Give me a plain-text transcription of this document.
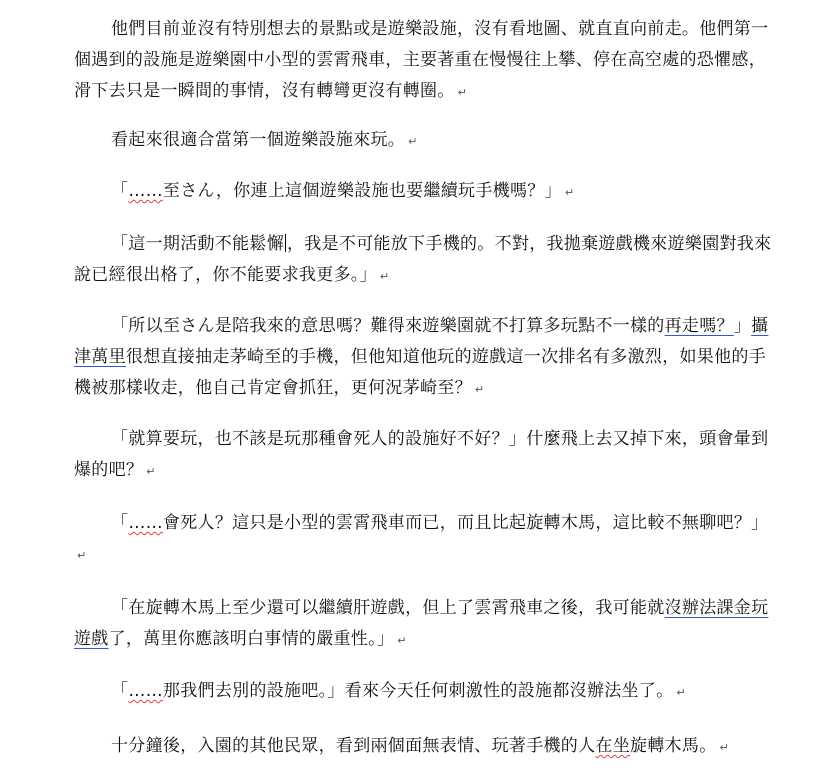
他們目前並沒有特別想去的景點或是遊樂設施，沒有看地圖、就直直向前走。他們第一個遇到的設施是遊樂園中小型的雲霄飛車，主要著重在慢慢往上攀、停在高空處的恐懼感，滑下去只是一瞬間的事情，沒有轉彎更沒有轉圈。 ↵

看起來很適合當第一個遊樂設施來玩。 ↵

「……至さん，你連上這個遊樂設施也要繼續玩手機嗎？」 ↵

「這一期活動不能鬆懈 ，我是不可能放下手機的。不對，我拋棄遊戲機來遊樂園對我來說已經很出格了，你不能要求我更多。」 ↵

「所以至さん是陪我來的意思嗎？難得來遊樂園就不打算多玩點不一樣的再走嗎？」攝津萬里很想直接抽走茅崎至的手機，但他知道他玩的遊戲這一次排名有多激烈，如果他的手機被那樣收走，他自己肯定會抓狂，更何況茅崎至？ ↵

「就算要玩，也不該是玩那種會死人的設施好不好？」什麼飛上去又掉下來，頭會暈到爆的吧？ ↵

「……會死人？這只是小型的雲霄飛車而已，而且比起旋轉木馬，這比較不無聊吧？」↵

「在旋轉木馬上至少還可以繼續肝遊戲，但上了雲霄飛車之後，我可能就沒辦法課金玩遊戲了，萬里你應該明白事情的嚴重性。」 ↵

「……那我們去別的設施吧。」看來今天任何刺激性的設施都沒辦法坐了。 ↵

十分鐘後，入園的其他民眾，看到兩個面無表情、玩著手機的人在坐旋轉木馬。 ↵
